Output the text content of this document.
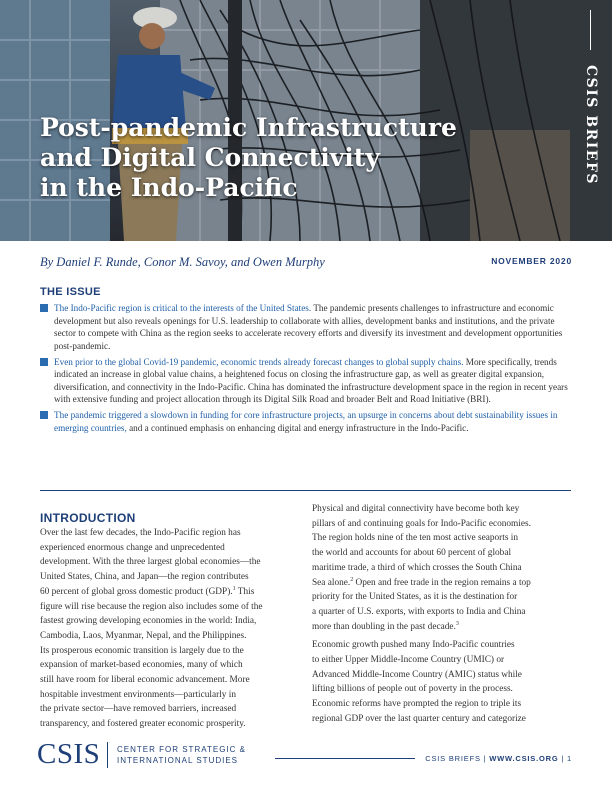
Post-pandemic Infrastructure
and Digital Connectivity
in the Indo-Pacific
CSIS BRIEFS
By Daniel F. Runde, Conor M. Savoy, and Owen Murphy	NOVEMBER 2020
THE ISSUE
The Indo-Pacific region is critical to the interests of the United States. The pandemic presents challenges to infrastructure and economic development but also reveals openings for U.S. leadership to collaborate with allies, development banks and institutions, and the private sector to compete with China as the region seeks to accelerate recovery efforts and diversify its investment and development opportunities post-pandemic.
Even prior to the global Covid-19 pandemic, economic trends already forecast changes to global supply chains. More specifically, trends indicated an increase in global value chains, a heightened focus on closing the infrastructure gap, as well as greater digital expansion, diversification, and connectivity in the Indo-Pacific. China has dominated the infrastructure development space in the region in recent years with extensive funding and project allocation through its Digital Silk Road and broader Belt and Road Initiative (BRI).
The pandemic triggered a slowdown in funding for core infrastructure projects, an upsurge in concerns about debt sustainability issues in emerging countries, and a continued emphasis on enhancing digital and energy infrastructure in the Indo-Pacific.
INTRODUCTION
Over the last few decades, the Indo-Pacific region has
experienced enormous change and unprecedented
development. With the three largest global economies—the
United States, China, and Japan—the region contributes
60 percent of global gross domestic product (GDP).$^1$ This
figure will rise because the region also includes some of the
fastest growing developing economies in the world: India,
Cambodia, Laos, Myanmar, Nepal, and the Philippines.
Its prosperous economic transition is largely due to the
expansion of market-based economies, many of which
still have room for liberal economic advancement. More
hospitable investment environments—particularly in
the private sector—have removed barriers, increased
transparency, and fostered greater economic prosperity.

Physical and digital connectivity have become both key
pillars of and continuing goals for Indo-Pacific economies.
The region holds nine of the ten most active seaports in
the world and accounts for about 60 percent of global
maritime trade, a third of which crosses the South China
Sea alone.$^2$ Open and free trade in the region remains a top
priority for the United States, as it is the destination for
a quarter of U.S. exports, with exports to India and China
more than doubling in the past decade.$^3$

Economic growth pushed many Indo-Pacific countries
to either Upper Middle-Income Country (UMIC) or
Advanced Middle-Income Country (AMIC) status while
lifting billions of people out of poverty in the process.
Economic reforms have prompted the region to triple its
regional GDP over the last quarter century and categorize

CSIS CENTER FOR STRATEGIC &
INTERNATIONAL STUDIES	CSIS BRIEFS | WWW.CSIS.ORG | 1
